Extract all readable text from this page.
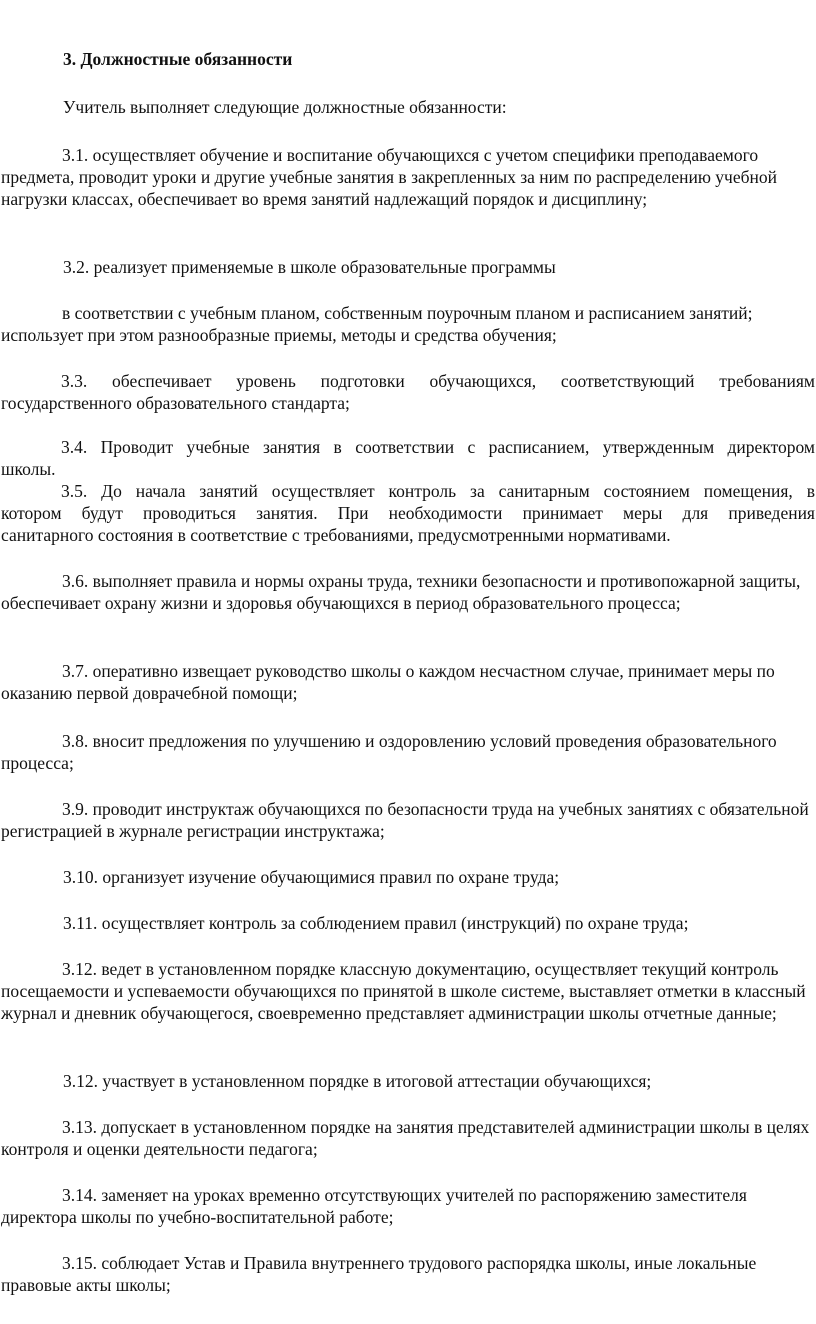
3. Должностные обязанности

Учитель выполняет следующие должностные обязанности:

3.1. осуществляет обучение и воспитание обучающихся с учетом специфики преподаваемого предмета, проводит уроки и другие учебные занятия в закрепленных за ним по распределению учебной нагрузки классах, обеспечивает во время занятий надлежащий порядок и дисциплину;

3.2. реализует применяемые в школе образовательные программы

в соответствии с учебным планом, собственным поурочным планом и расписанием занятий; использует при этом разнообразные приемы, методы и средства обучения;

3.3. обеспечивает уровень подготовки обучающихся, соответствующий требованиям
государственного образовательного стандарта;
3.4. Проводит учебные занятия в соответствии с расписанием, утвержденным директором
школы.
3.5. До начала занятий осуществляет контроль за санитарным состоянием помещения, в
котором будут проводиться занятия. При необходимости принимает меры для приведения
санитарного состояния в соответствие с требованиями, предусмотренными нормативами.

3.6. выполняет правила и нормы охраны труда, техники безопасности и противопожарной защиты, обеспечивает охрану жизни и здоровья обучающихся в период образовательного процесса;

3.7. оперативно извещает руководство школы о каждом несчастном случае, принимает меры по оказанию первой доврачебной помощи;

3.8. вносит предложения по улучшению и оздоровлению условий проведения образовательного процесса;

3.9. проводит инструктаж обучающихся по безопасности труда на учебных занятиях с обязательной регистрацией в журнале регистрации инструктажа;

3.10. организует изучение обучающимися правил по охране труда;

3.11. осуществляет контроль за соблюдением правил (инструкций) по охране труда;

3.12. ведет в установленном порядке классную документацию, осуществляет текущий контроль посещаемости и успеваемости обучающихся по принятой в школе системе, выставляет отметки в классный журнал и дневник обучающегося, своевременно представляет администрации школы отчетные данные;

3.12. участвует в установленном порядке в итоговой аттестации обучающихся;

3.13. допускает в установленном порядке на занятия представителей администрации школы в целях контроля и оценки деятельности педагога;

3.14. заменяет на уроках временно отсутствующих учителей по распоряжению заместителя директора школы по учебно-воспитательной работе;

3.15. соблюдает Устав и Правила внутреннего трудового распорядка школы, иные локальные правовые акты школы;
